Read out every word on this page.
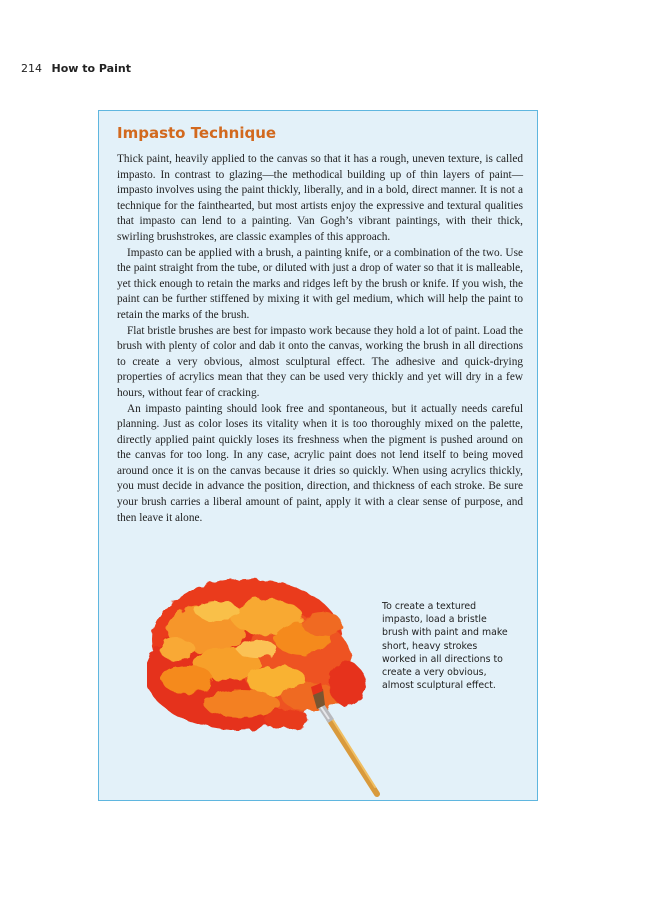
214 How to Paint
Impasto Technique

Thick paint, heavily applied to the canvas so that it has a rough, uneven texture, is called impasto. In contrast to glazing—the methodical building up of thin layers of paint—impasto involves using the paint thickly, liberally, and in a bold, direct manner. It is not a technique for the fainthearted, but most artists enjoy the expressive and textural qualities that impasto can lend to a painting. Van Gogh’s vibrant paintings, with their thick, swirling brushstrokes, are classic examples of this approach.

Impasto can be applied with a brush, a painting knife, or a combination of the two. Use the paint straight from the tube, or diluted with just a drop of water so that it is malleable, yet thick enough to retain the marks and ridges left by the brush or knife. If you wish, the paint can be further stiffened by mixing it with gel medium, which will help the paint to retain the marks of the brush.

Flat bristle brushes are best for impasto work because they hold a lot of paint. Load the brush with plenty of color and dab it onto the canvas, working the brush in all directions to create a very obvious, almost sculptural effect. The adhesive and quick-drying properties of acrylics mean that they can be used very thickly and yet will dry in a few hours, without fear of cracking.

An impasto painting should look free and spontaneous, but it actually needs careful planning. Just as color loses its vitality when it is too thoroughly mixed on the palette, directly applied paint quickly loses its freshness when the pigment is pushed around on the canvas for too long. In any case, acrylic paint does not lend itself to being moved around once it is on the canvas because it dries so quickly. When using acrylics thickly, you must decide in advance the position, direction, and thickness of each stroke. Be sure your brush carries a liberal amount of paint, apply it with a clear sense of purpose, and then leave it alone.

To create a textured impasto, load a bristle brush with paint and make short, heavy strokes worked in all directions to create a very obvious, almost sculptural effect.
